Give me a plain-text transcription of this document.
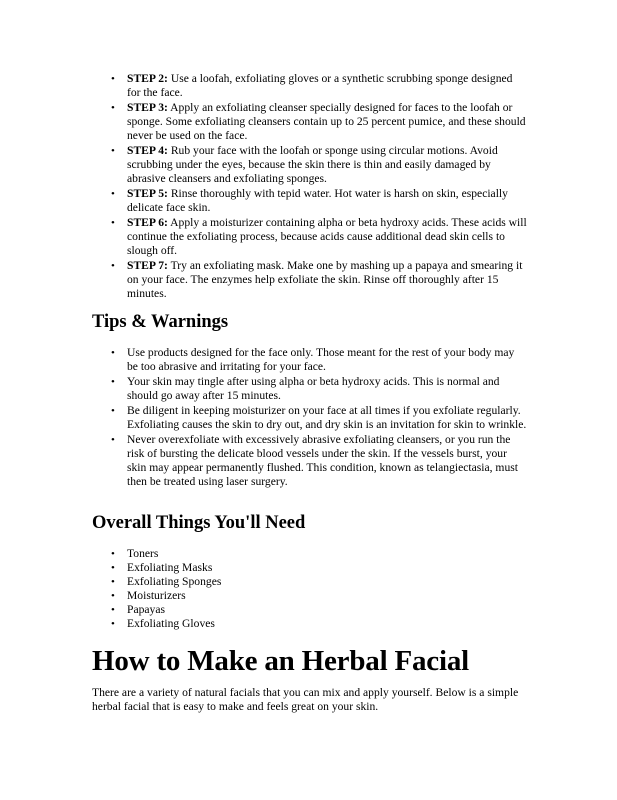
• STEP 2: Use a loofah, exfoliating gloves or a synthetic scrubbing sponge designed for the face.
• STEP 3: Apply an exfoliating cleanser specially designed for faces to the loofah or sponge. Some exfoliating cleansers contain up to 25 percent pumice, and these should never be used on the face.
• STEP 4: Rub your face with the loofah or sponge using circular motions. Avoid scrubbing under the eyes, because the skin there is thin and easily damaged by abrasive cleansers and exfoliating sponges.
• STEP 5: Rinse thoroughly with tepid water. Hot water is harsh on skin, especially delicate face skin.
• STEP 6: Apply a moisturizer containing alpha or beta hydroxy acids. These acids will continue the exfoliating process, because acids cause additional dead skin cells to slough off.
• STEP 7: Try an exfoliating mask. Make one by mashing up a papaya and smearing it on your face. The enzymes help exfoliate the skin. Rinse off thoroughly after 15 minutes.
Tips & Warnings
• Use products designed for the face only. Those meant for the rest of your body may be too abrasive and irritating for your face.
• Your skin may tingle after using alpha or beta hydroxy acids. This is normal and should go away after 15 minutes.
• Be diligent in keeping moisturizer on your face at all times if you exfoliate regularly. Exfoliating causes the skin to dry out, and dry skin is an invitation for skin to wrinkle.
• Never overexfoliate with excessively abrasive exfoliating cleansers, or you run the risk of bursting the delicate blood vessels under the skin. If the vessels burst, your skin may appear permanently flushed. This condition, known as telangiectasia, must then be treated using laser surgery.
Overall Things You'll Need
• Toners
• Exfoliating Masks
• Exfoliating Sponges
• Moisturizers
• Papayas
• Exfoliating Gloves
How to Make an Herbal Facial

There are a variety of natural facials that you can mix and apply yourself. Below is a simple herbal facial that is easy to make and feels great on your skin.
